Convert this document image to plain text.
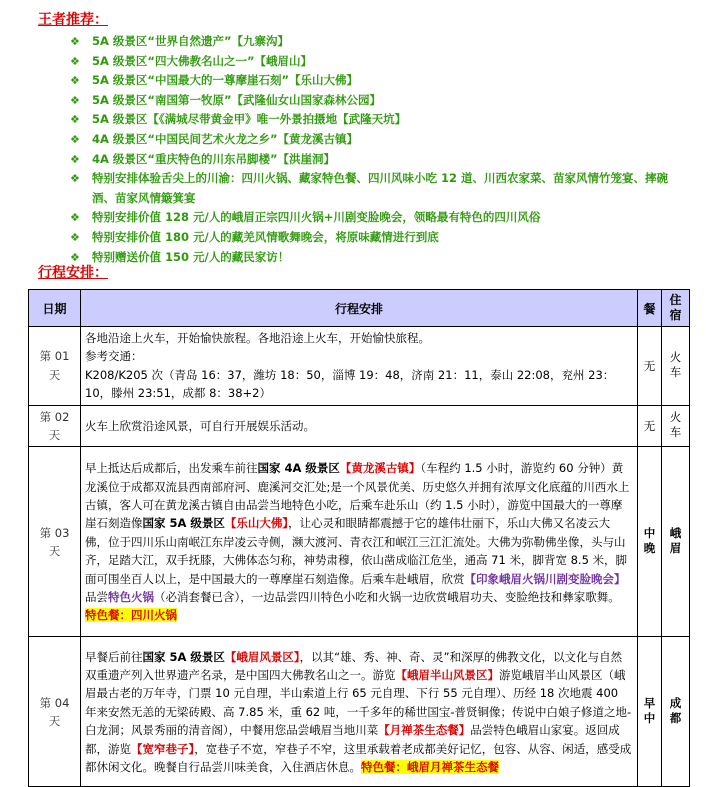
王者推荐：
❖ 5A 级景区“世界自然遗产”【九寨沟】
❖ 5A 级景区“四大佛教名山之一”【峨眉山】
❖ 5A 级景区“中国最大的一尊摩崖石刻”【乐山大佛】
❖ 5A 级景区“南国第一牧原”【武隆仙女山国家森林公园】
❖ 5A 级景区【《满城尽带黄金甲》唯一外景拍摄地【武隆天坑】
❖ 4A 级景区“中国民间艺术火龙之乡”【黄龙溪古镇】
❖ 4A 级景区“重庆特色的川东吊脚楼”【洪崖洞】
❖ 特别安排体验舌尖上的川渝：四川火锅、藏家特色餐、四川风味小吃 12 道、川西农家菜、苗家风情竹笼宴、摔碗酒、苗家风情簸箕宴
❖ 特别安排价值 128 元/人的峨眉正宗四川火锅+川剧变脸晚会，领略最有特色的四川风俗
❖ 特别安排价值 180 元/人的藏羌风情歌舞晚会，将原味藏情进行到底
❖ 特别赠送价值 150 元/人的藏民家访！
行程安排：
日期	行程安排	餐	住宿
第 01 天	各地沿途上火车，开始愉快旅程。各地沿途上火车，开始愉快旅程。
参考交通：
K208/K205 次（青岛 16：37，潍坊 18：50，淄博 19：48，济南 21：11，泰山 22:08，兖州 23：10，滕州 23:51，成都 8：38+2）	无	火车
第 02 天	火车上欣赏沿途风景，可自行开展娱乐活动。	无	火车
第 03 天	早上抵达后成都后，出发乘车前往国家 4A 级景区【黄龙溪古镇】（车程约 1.5 小时，游览约 60 分钟）黄龙溪位于成都双流县西南部府河、鹿溪河交汇处;是一个风景优美、历史悠久并拥有浓厚文化底蕴的川西水上古镇，客人可在黄龙溪古镇自由品尝当地特色小吃，后乘车赴乐山（约 1.5 小时），游览中国最大的一尊摩崖石刻造像国家 5A 级景区【乐山大佛】，让心灵和眼睛都震撼于它的雄伟壮丽下，乐山大佛又名凌云大佛，位于四川乐山南岷江东岸凌云寺侧，濒大渡河、青衣江和岷江三江汇流处。大佛为弥勒佛坐像，头与山齐，足踏大江，双手抚膝，大佛体态匀称，神势肃穆，依山凿成临江危坐，通高 71 米，脚背宽 8.5 米，脚面可围坐百人以上，是中国最大的一尊摩崖石刻造像。后乘车赴峨眉，欣赏【印象峨眉火锅川剧变脸晚会】品尝特色火锅（必消套餐已含），一边品尝四川特色小吃和火锅一边欣赏峨眉功夫、变脸绝技和彝家歌舞。
特色餐：四川火锅	中晚	峨眉
第 04 天	早餐后前往国家 5A 级景区【峨眉风景区】，以其“雄、秀、神、奇、灵”和深厚的佛教文化，以文化与自然双重遗产列入世界遗产名录，是中国四大佛教名山之一。游览【峨眉半山风景区】游览峨眉半山风景区（峨眉最古老的万年寺，门票 10 元自理，半山索道上行 65 元自理、下行 55 元自理）、历经 18 次地震 400 年来安然无恙的无梁砖殿、高 7.85 米，重 62 吨，一千多年的稀世国宝-普贤铜像；传说中白娘子修道之地-白龙洞；风景秀丽的清音阁），中餐用您品尝峨眉当地川菜【月禅茶生态餐】品尝特色峨眉山家宴。返回成都，游览【宽窄巷子】，宽巷子不宽，窄巷子不窄，这里承载着老成都美好记忆，包容、从容、闲适，感受成都休闲文化。晚餐自行品尝川味美食，入住酒店休息。特色餐：峨眉月禅茶生态餐	早中	成都
